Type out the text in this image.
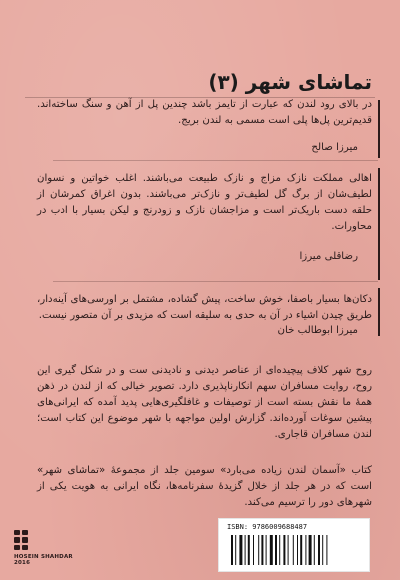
تماشای شهر (۳)
در بالای رود لندن که عبارت از تایمز باشد چندین پل از آهن و سنگ ساخته‌اند. قدیم‌ترین پل‌ها پلی است مسمی به لندن بریج.
میرزا صالح
اهالی مملکت نازک مزاج و نازک طبیعت می‌باشند. اغلب خواتین و نسوان لطیف‌شان از برگ گل لطیف‌تر و نازک‌تر می‌باشند. بدون اغراق کمر‌شان از حلقه دست باریک‌تر است و مزاجشان نازک و زودرنج و لیکن بسیار با ادب در محاورات.
رضاقلی میرزا
دکان‌ها بسیار باصفا، خوش ساخت، پیش گشاده، مشتمل بر اورسی‌های آینه‌دار، طریق چیدن اشیاء در آن به حدی به سلیقه است که مزیدی بر آن متصور نیست.
میرزا ابوطالب خان
روح شهر کلاف پیچیده‌ای از عناصر دیدنی و نادیدنی ست و در شکل گیری این روح، روایت مسافران سهم انکارناپذیری دارد. تصویر خیالی که از لندن در ذهن همهٔ ما نقش بسته است از توصیفات و غافلگیری‌هایی پدید آمده که ایرانی‌های پیشین سوغات آورده‌اند. گزارش اولین مواجهه با شهر موضوع این کتاب است؛ لندن مسافران قاجاری.
کتاب «آسمان لندن زیاده می‌بارد» سومین جلد از مجموعهٔ «تماشای شهر» است که در هر جلد از خلال گزیدهٔ سفرنامه‌ها، نگاه ایرانی به هویت یکی از شهرهای دور را ترسیم می‌کند.
HOSEIN SHAHDAR
2016
ISBN: 9786009688487
